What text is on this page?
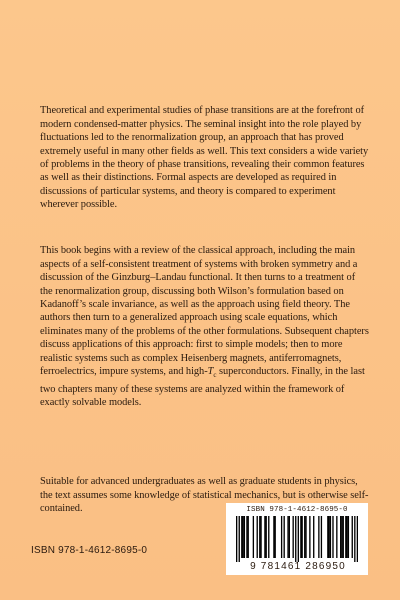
Theoretical and experimental studies of phase transitions are at the forefront of modern condensed-matter physics. The seminal insight into the role played by fluctuations led to the renormalization group, an approach that has proved extremely useful in many other fields as well. This text considers a wide variety of problems in the theory of phase transitions, revealing their common features as well as their distinctions. Formal aspects are developed as required in discussions of particular systems, and theory is compared to experiment wherever possible.

This book begins with a review of the classical approach, including the main aspects of a self-consistent treatment of systems with broken symmetry and a discussion of the Ginzburg–Landau functional. It then turns to a treatment of the renormalization group, discussing both Wilson’s formulation based on Kadanoff’s scale invariance, as well as the approach using field theory. The authors then turn to a generalized approach using scale equations, which eliminates many of the problems of the other formulations. Subsequent chapters discuss applications of this approach: first to simple models; then to more realistic systems such as complex Heisenberg magnets, antiferromagnets, ferroelectrics, impure systems, and high-$T_c$ superconductors. Finally, in the last two chapters many of these systems are analyzed within the framework of exactly solvable models.

Suitable for advanced undergraduates as well as graduate students in physics, the text assumes some knowledge of statistical mechanics, but is otherwise self-contained.

ISBN 978-1-4612-8695-0
ISBN 978-1-4612-8695-0
9 781461 286950
